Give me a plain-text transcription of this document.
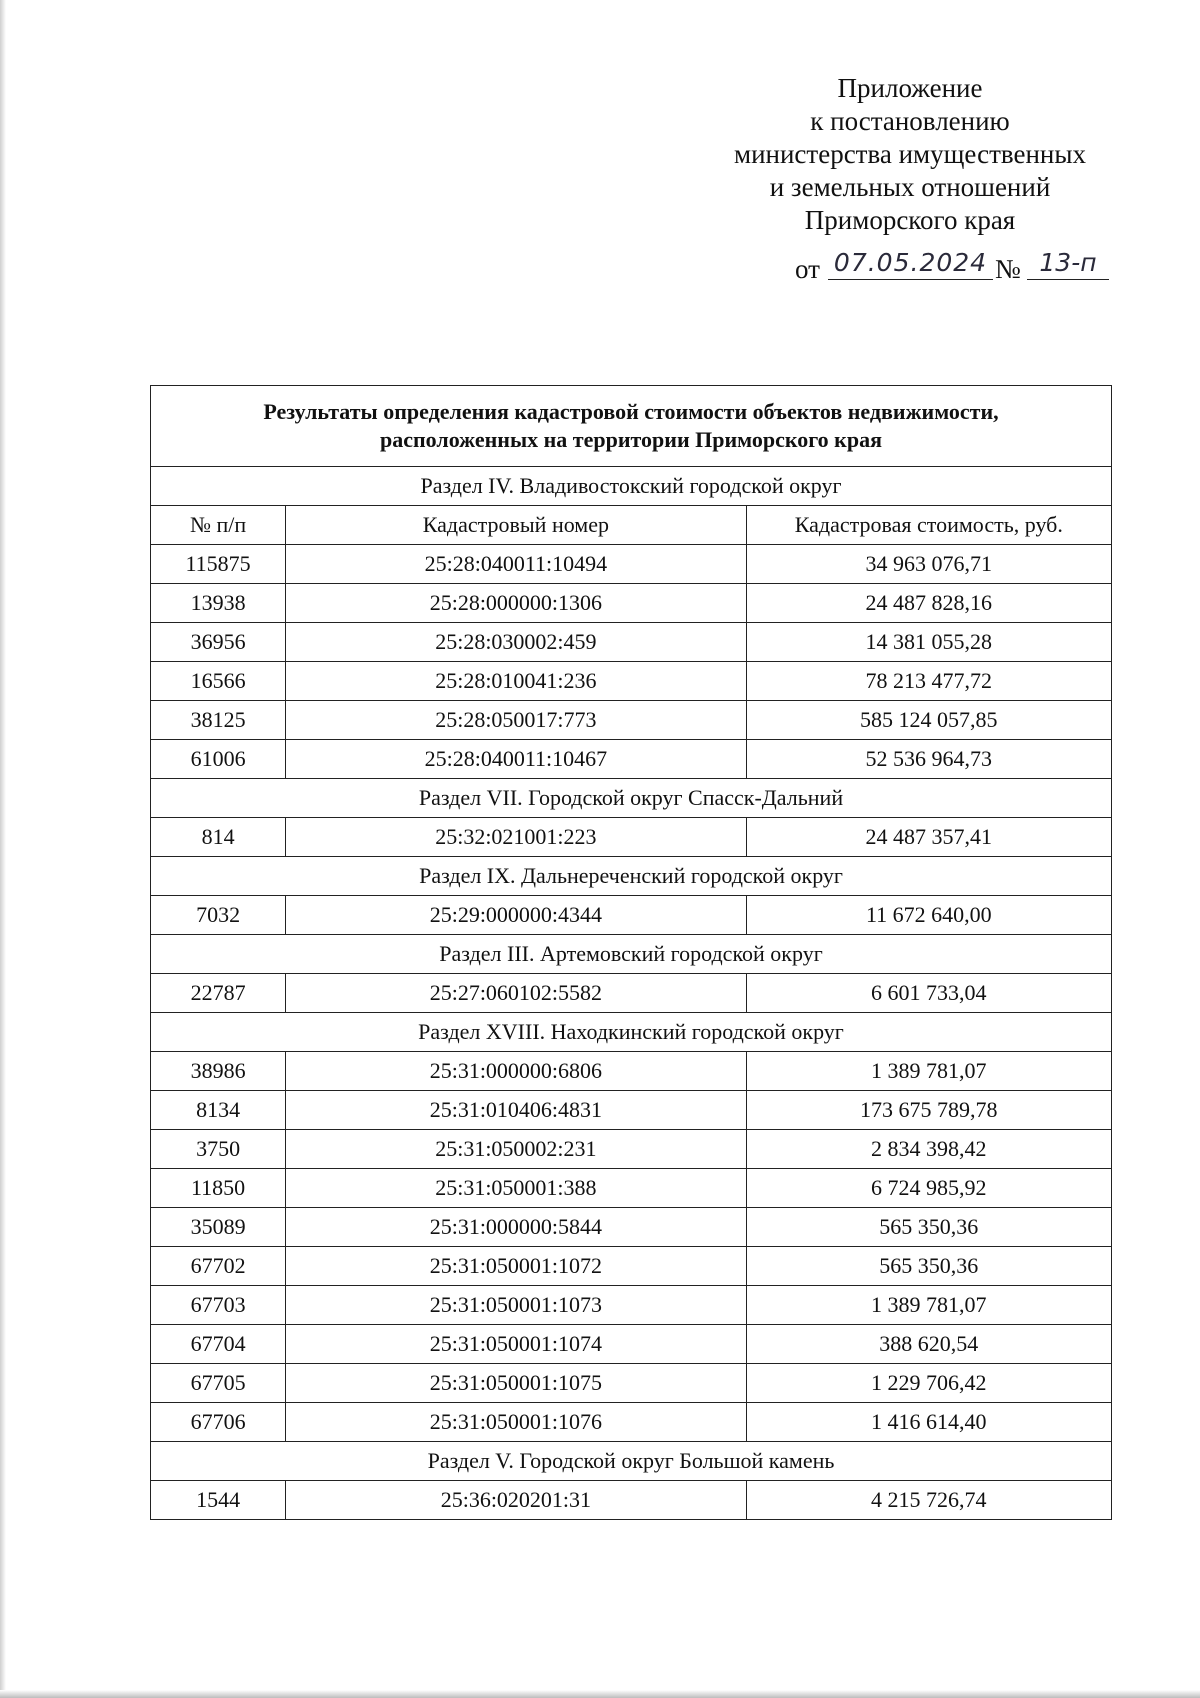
Приложение
к постановлению
министерства имущественных
и земельных отношений
Приморского края
от 07.05.2024 № 13-п
Результаты определения кадастровой стоимости объектов недвижимости,
расположенных на территории Приморского края		

Раздел IV. Владивостокский городской округ		
№ п/п	Кадастровый номер	Кадастровая стоимость, руб.
115875	25:28:040011:10494	34 963 076,71
13938	25:28:000000:1306	24 487 828,16
36956	25:28:030002:459	14 381 055,28
16566	25:28:010041:236	78 213 477,72
38125	25:28:050017:773	585 124 057,85
61006	25:28:040011:10467	52 536 964,73
Раздел VII. Городской округ Спасск-Дальний		
814	25:32:021001:223	24 487 357,41
Раздел IX. Дальнереченский городской округ		
7032	25:29:000000:4344	11 672 640,00
Раздел III. Артемовский городской округ		
22787	25:27:060102:5582	6 601 733,04
Раздел XVIII. Находкинский городской округ		
38986	25:31:000000:6806	1 389 781,07
8134	25:31:010406:4831	173 675 789,78
3750	25:31:050002:231	2 834 398,42
11850	25:31:050001:388	6 724 985,92
35089	25:31:000000:5844	565 350,36
67702	25:31:050001:1072	565 350,36
67703	25:31:050001:1073	1 389 781,07
67704	25:31:050001:1074	388 620,54
67705	25:31:050001:1075	1 229 706,42
67706	25:31:050001:1076	1 416 614,40
Раздел V. Городской округ Большой камень		
1544	25:36:020201:31	4 215 726,74
